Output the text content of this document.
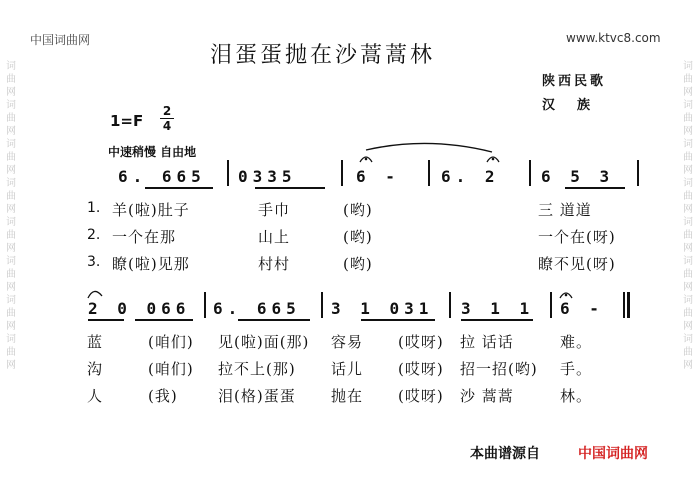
词曲网词曲网词曲网词曲网词曲网词曲网词曲网词曲网
词曲网词曲网词曲网词曲网词曲网词曲网词曲网词曲网
中国词曲网	www.ktvc8.com
泪蛋蛋抛在沙蒿蒿林
陕西民歌
汉族
$1=F \frac{2}{4}$
中速稍慢 自由地
6. 665 0335	6 -	6. 2	6 5 3
1. 羊(啦)肚子	手巾	(哟)	三 道道
2. 一个在那	山上	(哟)	一个在(呀)
3. 瞭(啦)见那	村村	(哟)	瞭不见(呀)
2 0 066 6. 665 3 1 031 3 1 1 6 -
蓝	(咱们) 见(啦)面(那) 容易 (哎呀) 拉 话话	难。
沟	(咱们) 拉不上(那) 话儿 (哎呀) 招一招(哟) 手。
人	(我)	泪(格)蛋蛋 抛在 (哎呀) 沙 蒿蒿	林。
本曲谱源自	中国词曲网
